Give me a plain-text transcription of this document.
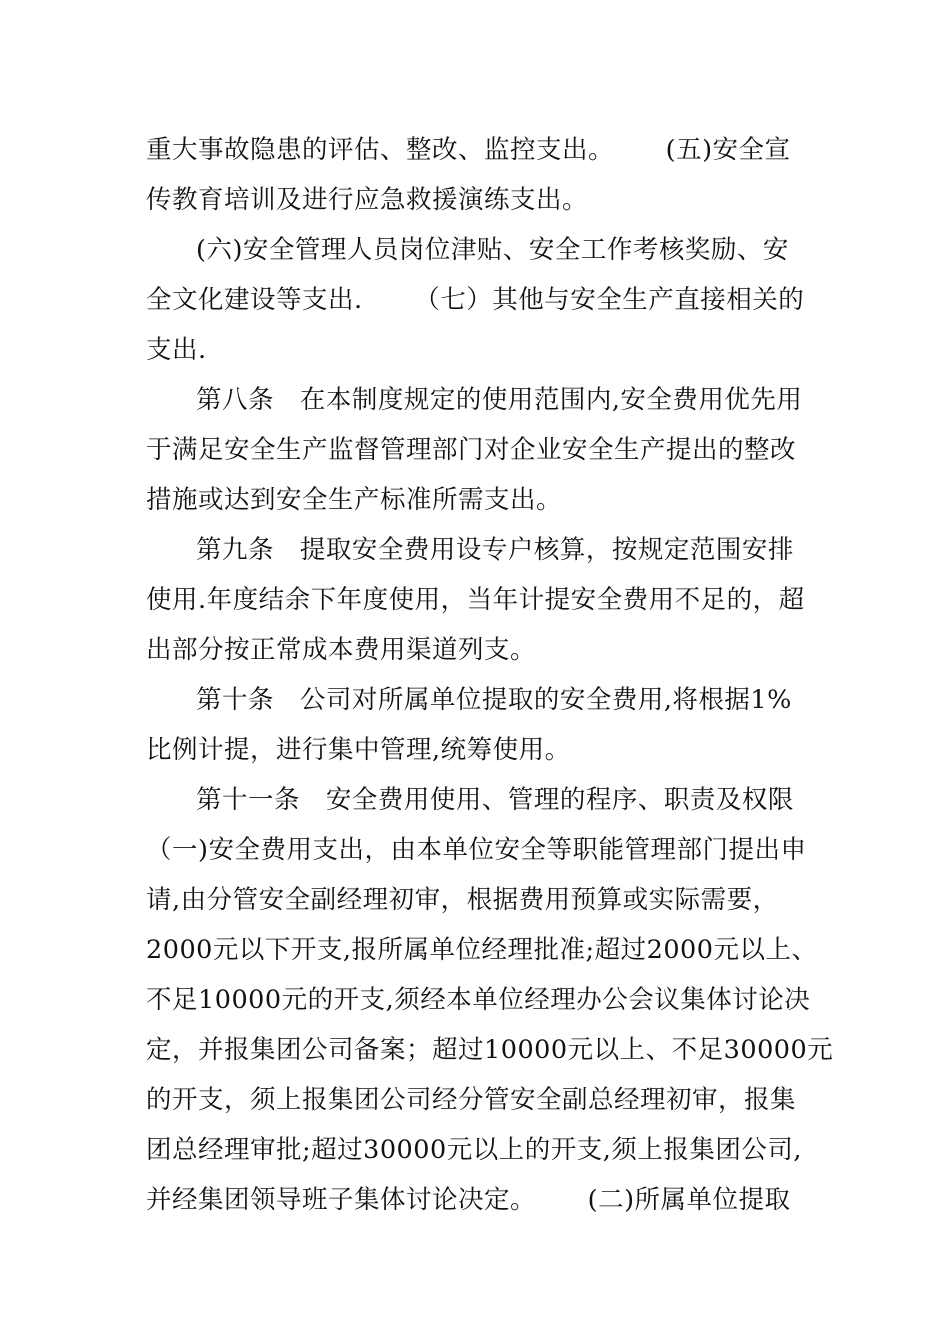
重大事故隐患的评估、整改、监控支出。      (五)安全宣
传教育培训及进行应急救援演练支出。
(六)安全管理人员岗位津贴、安全工作考核奖励、安
全文化建设等支出.      （七）其他与安全生产直接相关的
支出.
第八条   在本制度规定的使用范围内,安全费用优先用
于满足安全生产监督管理部门对企业安全生产提出的整改
措施或达到安全生产标准所需支出。
第九条   提取安全费用设专户核算，按规定范围安排
使用.年度结余下年度使用，当年计提安全费用不足的，超
出部分按正常成本费用渠道列支。
第十条   公司对所属单位提取的安全费用,将根据1%
比例计提，进行集中管理,统筹使用。
第十一条   安全费用使用、管理的程序、职责及权限
（一)安全费用支出，由本单位安全等职能管理部门提出申
请,由分管安全副经理初审，根据费用预算或实际需要，
2000元以下开支,报所属单位经理批准;超过2000元以上、
不足10000元的开支,须经本单位经理办公会议集体讨论决
定，并报集团公司备案；超过10000元以上、不足30000元
的开支，须上报集团公司经分管安全副总经理初审，报集
团总经理审批;超过30000元以上的开支,须上报集团公司,
并经集团领导班子集体讨论决定。      (二)所属单位提取
